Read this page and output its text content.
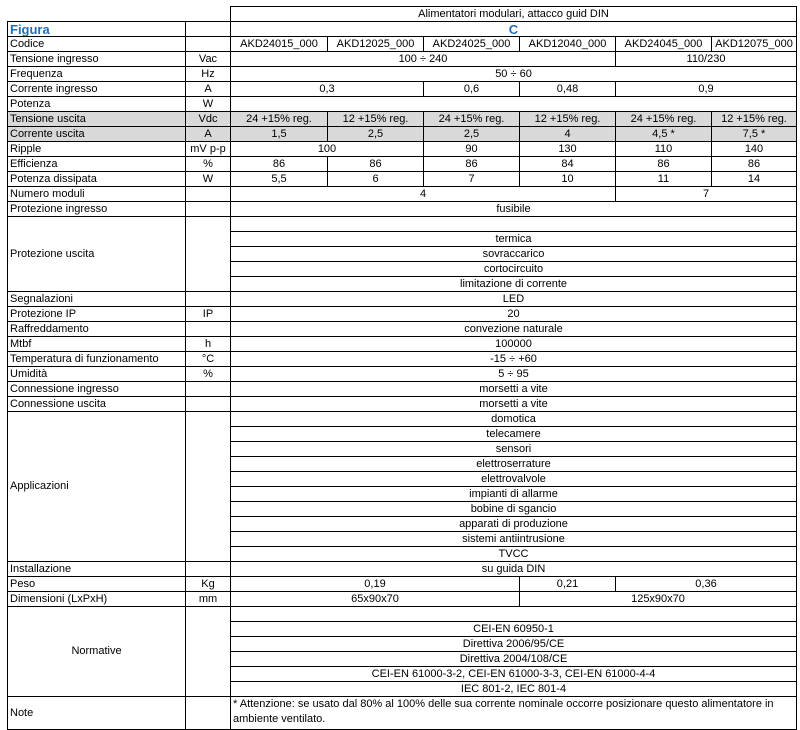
		Alimentatori modulari, attacco guid DIN					
Figura		C					
Codice		AKD24015_000	AKD12025_000	AKD24025_000	AKD12040_000	AKD24045_000	AKD12075_000
Tensione ingresso	Vac	100 ÷ 240				110/230	
Frequenza	Hz	50 ÷ 60					
Corrente ingresso	A	0,3		0,6	0,48	0,9	
Potenza	W						
Tensione uscita	Vdc	24 +15% reg.	12 +15% reg.	24 +15% reg.	12 +15% reg.	24 +15% reg.	12 +15% reg.
Corrente uscita	A	1,5	2,5	2,5	4	4,5 *	7,5 *
Ripple	mV p-p	100		90	130	110	140
Efficienza	%	86	86	86	84	86	86
Potenza dissipata	W	5,5	6	7	10	11	14
Numero moduli		4				7	
Protezione ingresso		fusibile					
Protezione uscita							
		termica					
		sovraccarico					
		cortocircuito					
		limitazione di corrente					
Segnalazioni		LED					
Protezione IP	IP	20					
Raffreddamento		convezione naturale					
Mtbf	h	100000					
Temperatura di funzionamento	°C	-15 ÷ +60					
Umidità	%	5 ÷ 95					
Connessione ingresso		morsetti a vite					
Connessione uscita		morsetti a vite					
Applicazioni		domotica					
		telecamere					
		sensori					
		elettroserrature					
		elettrovalvole					
		impianti di allarme					
		bobine di sgancio					
		apparati di produzione					
		sistemi antiintrusione					
		TVCC					
Installazione		su guida DIN					
Peso	Kg	0,19			0,21	0,36	
Dimensioni (LxPxH)	mm	65x90x70			125x90x70		
Normative							
		CEI-EN 60950-1					
		Direttiva 2006/95/CE					
		Direttiva 2004/108/CE					
		CEI-EN 61000-3-2, CEI-EN 61000-3-3, CEI-EN 61000-4-4					
		IEC 801-2, IEC 801-4					
Note		* Attenzione: se usato dal 80% al 100% delle sua corrente nominale occorre posizionare questo alimentatore in ambiente ventilato.					
